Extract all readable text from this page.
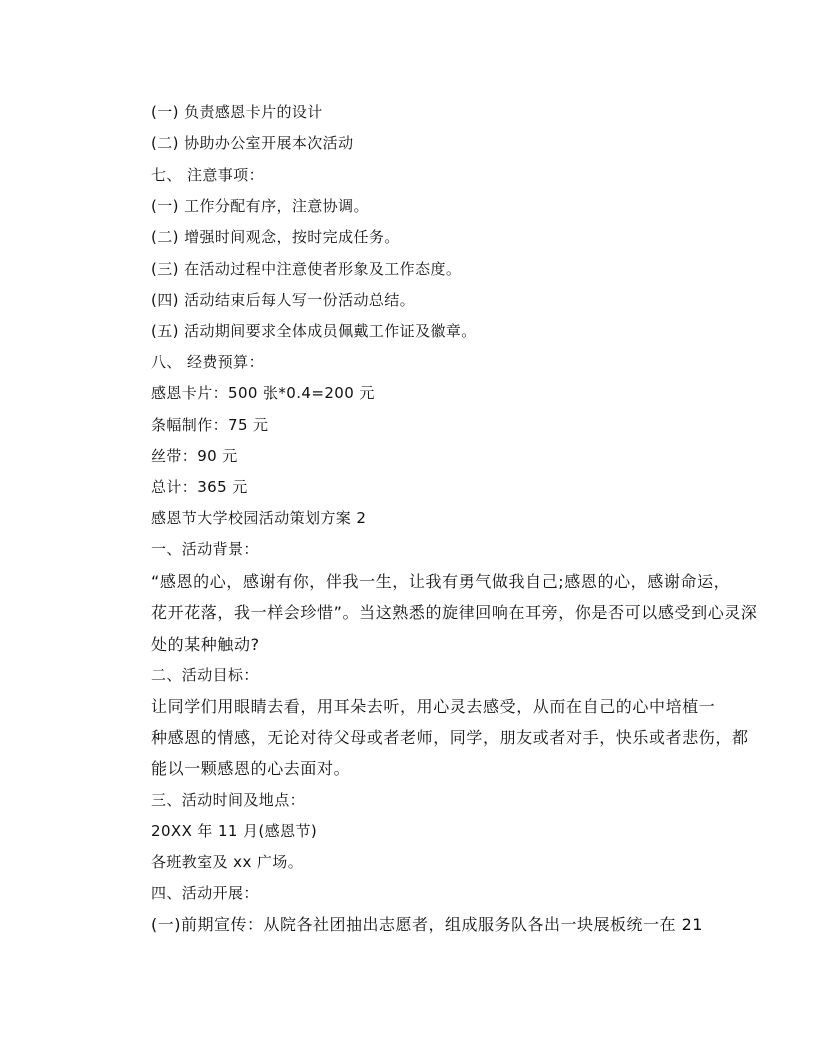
(一) 负责感恩卡片的设计
(二) 协助办公室开展本次活动
七、 注意事项：
(一) 工作分配有序，注意协调。
(二) 增强时间观念，按时完成任务。
(三) 在活动过程中注意使者形象及工作态度。
(四) 活动结束后每人写一份活动总结。
(五) 活动期间要求全体成员佩戴工作证及徽章。
八、 经费预算：
感恩卡片：500 张*0.4=200 元
条幅制作：75 元
丝带：90 元
总计：365 元
感恩节大学校园活动策划方案 2
一、活动背景：
“感恩的心，感谢有你，伴我一生，让我有勇气做我自己;感恩的心，感谢命运，
花开花落，我一样会珍惜”。当这熟悉的旋律回响在耳旁，你是否可以感受到心灵深
处的某种触动?
二、活动目标：
让同学们用眼睛去看，用耳朵去听，用心灵去感受，从而在自己的心中培植一
种感恩的情感，无论对待父母或者老师，同学，朋友或者对手，快乐或者悲伤，都
能以一颗感恩的心去面对。
三、活动时间及地点：
20XX 年 11 月(感恩节)
各班教室及 xx 广场。
四、活动开展：
(一)前期宣传：从院各社团抽出志愿者，组成服务队各出一块展板统一在 21
